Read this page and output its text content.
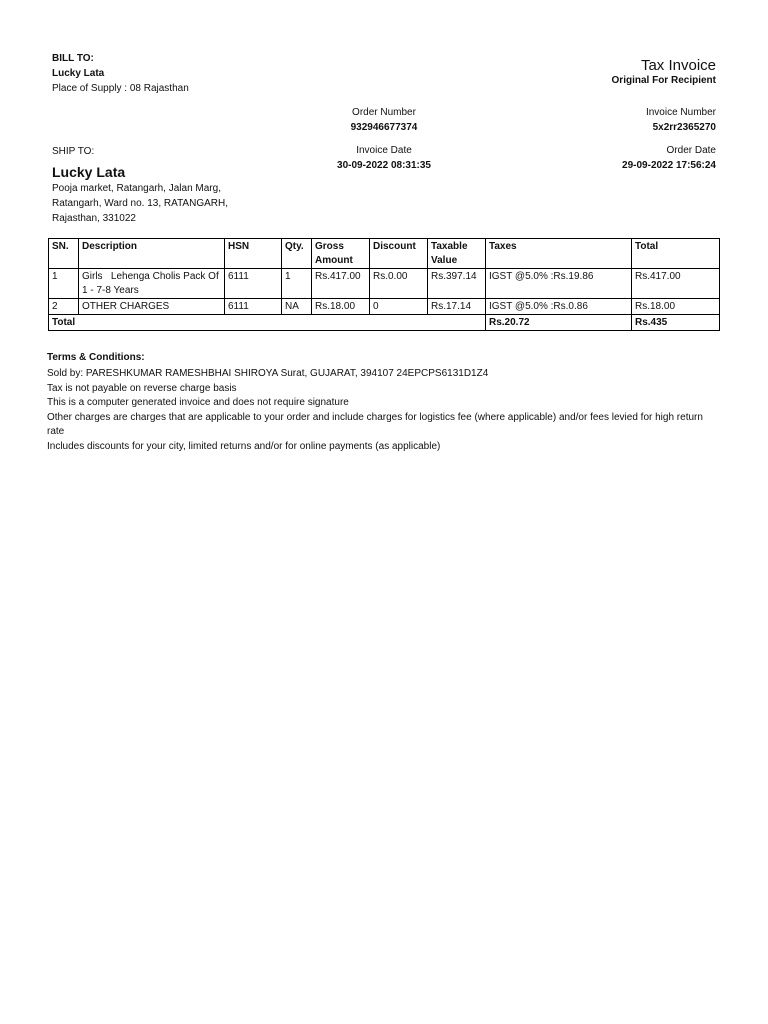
BILL TO:
Lucky Lata
Place of Supply : 08 Rajasthan
Tax Invoice
Original For Recipient
Order Number
932946677374
Invoice Number
5x2rr2365270
Invoice Date
30-09-2022 08:31:35
Order Date
29-09-2022 17:56:24
SHIP TO:
Lucky Lata
Pooja market, Ratangarh, Jalan Marg,
Ratangarh, Ward no. 13, RATANGARH,
Rajasthan, 331022
SN.	Description	HSN	Qty.	Gross Amount	Discount	Taxable Value	Taxes	Total
1	Girls   Lehenga Cholis Pack Of 1 - 7-8 Years	6111	1	Rs.417.00	Rs.0.00	Rs.397.14	IGST @5.0% :Rs.19.86	Rs.417.00
2	OTHER CHARGES	6111	NA	Rs.18.00	0	Rs.17.14	IGST @5.0% :Rs.0.86	Rs.18.00
Total							Rs.20.72	Rs.435
Terms & Conditions:
Sold by: PARESHKUMAR RAMESHBHAI SHIROYA Surat, GUJARAT, 394107 24EPCPS6131D1Z4
Tax is not payable on reverse charge basis
This is a computer generated invoice and does not require signature
Other charges are charges that are applicable to your order and include charges for logistics fee (where applicable) and/or fees levied for high return rate
Includes discounts for your city, limited returns and/or for online payments (as applicable)
